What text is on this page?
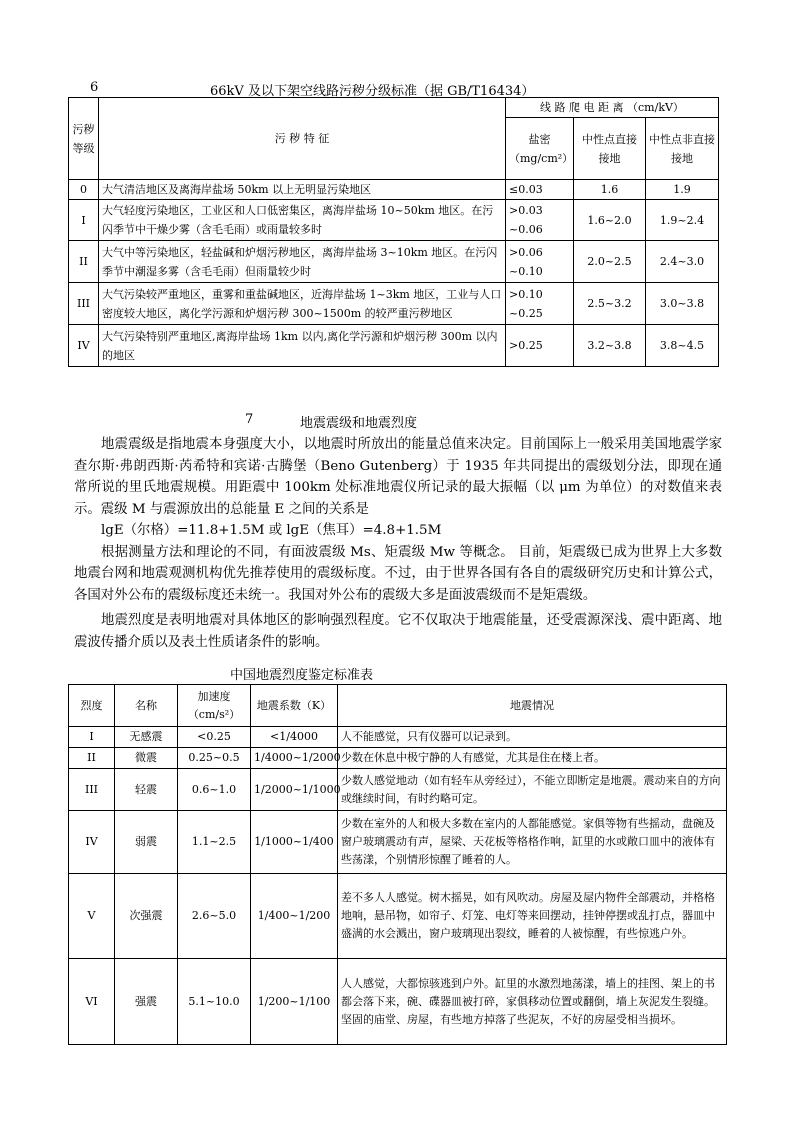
6	66kV 及以下架空线路污秽分级标准（据 GB/T16434）
污秽等级	污 秽 特 征	线 路 爬 电 距 离 （cm/kV）		
		盐密（mg/cm²）	中性点直接接地	中性点非直接接地
0	大气清洁地区及离海岸盐场 50km 以上无明显污染地区	≤0.03	1.6	1.9
I	大气轻度污染地区，工业区和人口低密集区，离海岸盐场 10~50km 地区。在污闪季节中干燥少雾（含毛毛雨）或雨量较多时	>0.03 ~0.06	1.6~2.0	1.9~2.4
II	大气中等污染地区，轻盐碱和炉烟污秽地区，离海岸盐场 3~10km 地区。在污闪季节中潮湿多雾（含毛毛雨）但雨量较少时	>0.06 ~0.10	2.0~2.5	2.4~3.0
III	大气污染较严重地区，重雾和重盐碱地区，近海岸盐场 1~3km 地区，工业与人口密度较大地区，离化学污源和炉烟污秽 300~1500m 的较严重污秽地区	>0.10 ~0.25	2.5~3.2	3.0~3.8
IV	大气污染特别严重地区,离海岸盐场 1km 以内,离化学污源和炉烟污秽 300m 以内的地区	>0.25	3.2~3.8	3.8~4.5
7	地震震级和地震烈度

地震震级是指地震本身强度大小，以地震时所放出的能量总值来决定。目前国际上一般采用美国地震学家查尔斯·弗朗西斯·芮希特和宾诺·古腾堡（Beno Gutenberg）于 1935 年共同提出的震级划分法，即现在通常所说的里氏地震规模。用距震中 100km 处标准地震仪所记录的最大振幅（以 μm 为单位）的对数值来表示。震级 M 与震源放出的总能量 E 之间的关系是

lgE（尔格）=11.8+1.5M 或 lgE（焦耳）=4.8+1.5M

根据测量方法和理论的不同，有面波震级 Ms、矩震级 Mw 等概念。 目前，矩震级已成为世界上大多数地震台网和地震观测机构优先推荐使用的震级标度。不过，由于世界各国有各自的震级研究历史和计算公式，各国对外公布的震级标度还未统一。我国对外公布的震级大多是面波震级而不是矩震级。

地震烈度是表明地震对具体地区的影响强烈程度。它不仅取决于地震能量，还受震源深浅、震中距离、地震波传播介质以及表土性质诸条件的影响。

中国地震烈度鉴定标准表
烈度	名称	加速度（cm/s²）	地震系数（K）	地震情况
I	无感震	<0.25	<1/4000	人不能感觉，只有仪器可以记录到。
II	微震	0.25~0.5	1/4000~1/2000	少数在休息中极宁静的人有感觉，尤其是住在楼上者。
III	轻震	0.6~1.0	1/2000~1/1000	少数人感觉地动（如有轻车从旁经过），不能立即断定是地震。震动来自的方向或继续时间，有时约略可定。
IV	弱震	1.1~2.5	1/1000~1/400	少数在室外的人和极大多数在室内的人都能感觉。家俱等物有些摇动，盘碗及窗户玻璃震动有声，屋梁、天花板等格格作响，缸里的水或敞口皿中的液体有些荡漾，个别情形惊醒了睡着的人。
V	次强震	2.6~5.0	1/400~1/200	差不多人人感觉。树木摇晃，如有风吹动。房屋及屋内物件全部震动，并格格地响，悬吊物，如帘子、灯笼、电灯等来回摆动，挂钟停摆或乱打点，器皿中盛满的水会溅出，窗户玻璃现出裂纹，睡着的人被惊醒，有些惊逃户外。
VI	强震	5.1~10.0	1/200~1/100	人人感觉，大都惊骇逃到户外。缸里的水激烈地荡漾，墙上的挂图、架上的书都会落下来，碗、碟器皿被打碎，家俱移动位置或翻倒，墙上灰泥发生裂缝。坚固的庙堂、房屋，有些地方掉落了些泥灰，不好的房屋受相当损坏。
